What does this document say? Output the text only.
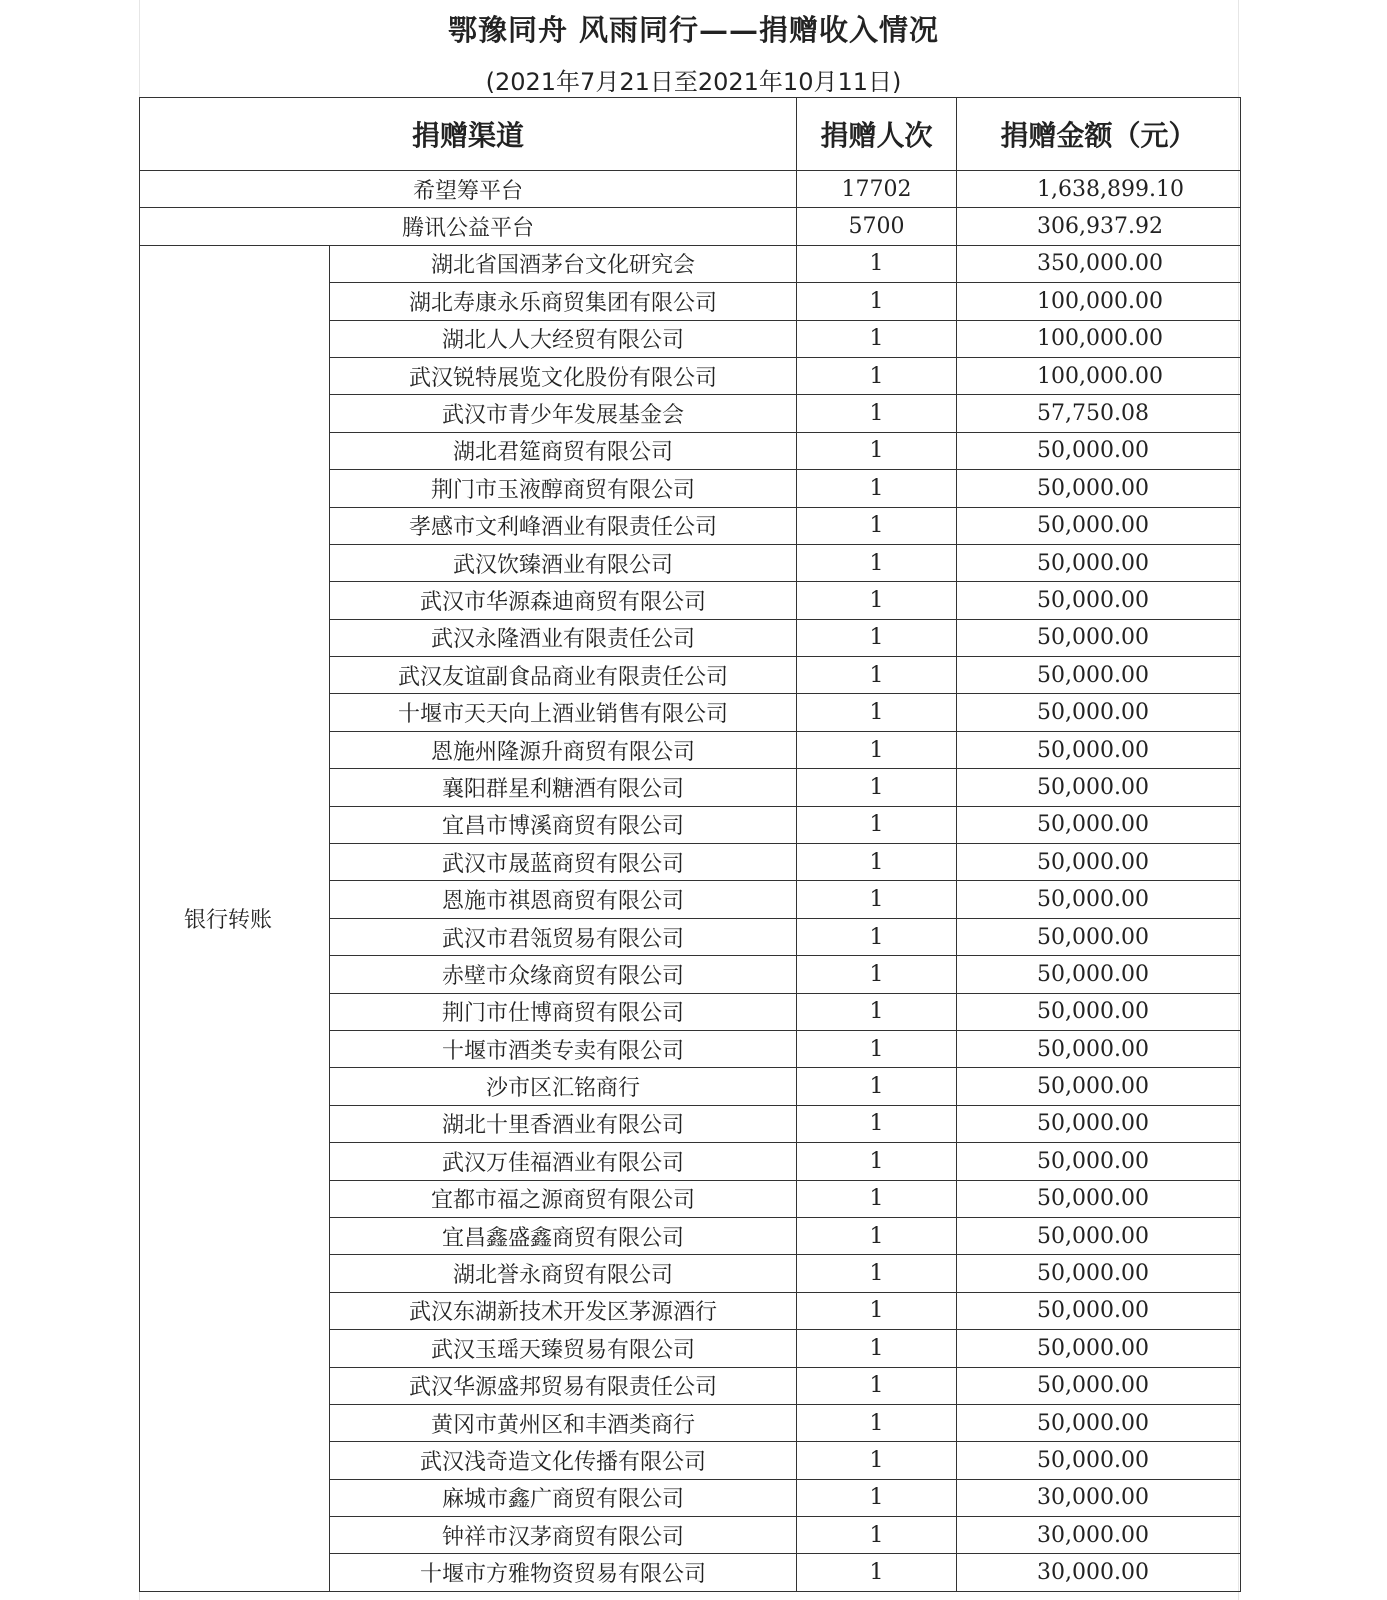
鄂豫同舟 风雨同行——捐赠收入情况
(2021年7月21日至2021年10月11日)
捐赠渠道		捐赠人次	捐赠金额（元）
希望筹平台		17702	1,638,899.10
腾讯公益平台		5700	306,937.92
银行转账	湖北省国酒茅台文化研究会	1	350,000.00
	湖北寿康永乐商贸集团有限公司	1	100,000.00
	湖北人人大经贸有限公司	1	100,000.00
	武汉锐特展览文化股份有限公司	1	100,000.00
	武汉市青少年发展基金会	1	57,750.08
	湖北君筵商贸有限公司	1	50,000.00
	荆门市玉液醇商贸有限公司	1	50,000.00
	孝感市文利峰酒业有限责任公司	1	50,000.00
	武汉饮臻酒业有限公司	1	50,000.00
	武汉市华源森迪商贸有限公司	1	50,000.00
	武汉永隆酒业有限责任公司	1	50,000.00
	武汉友谊副食品商业有限责任公司	1	50,000.00
	十堰市天天向上酒业销售有限公司	1	50,000.00
	恩施州隆源升商贸有限公司	1	50,000.00
	襄阳群星利糖酒有限公司	1	50,000.00
	宜昌市博溪商贸有限公司	1	50,000.00
	武汉市晟蓝商贸有限公司	1	50,000.00
	恩施市祺恩商贸有限公司	1	50,000.00
	武汉市君瓴贸易有限公司	1	50,000.00
	赤壁市众缘商贸有限公司	1	50,000.00
	荆门市仕博商贸有限公司	1	50,000.00
	十堰市酒类专卖有限公司	1	50,000.00
	沙市区汇铭商行	1	50,000.00
	湖北十里香酒业有限公司	1	50,000.00
	武汉万佳福酒业有限公司	1	50,000.00
	宜都市福之源商贸有限公司	1	50,000.00
	宜昌鑫盛鑫商贸有限公司	1	50,000.00
	湖北誉永商贸有限公司	1	50,000.00
	武汉东湖新技术开发区茅源酒行	1	50,000.00
	武汉玉瑶天臻贸易有限公司	1	50,000.00
	武汉华源盛邦贸易有限责任公司	1	50,000.00
	黄冈市黄州区和丰酒类商行	1	50,000.00
	武汉浅奇造文化传播有限公司	1	50,000.00
	麻城市鑫广商贸有限公司	1	30,000.00
	钟祥市汉茅商贸有限公司	1	30,000.00
	十堰市方雅物资贸易有限公司	1	30,000.00
